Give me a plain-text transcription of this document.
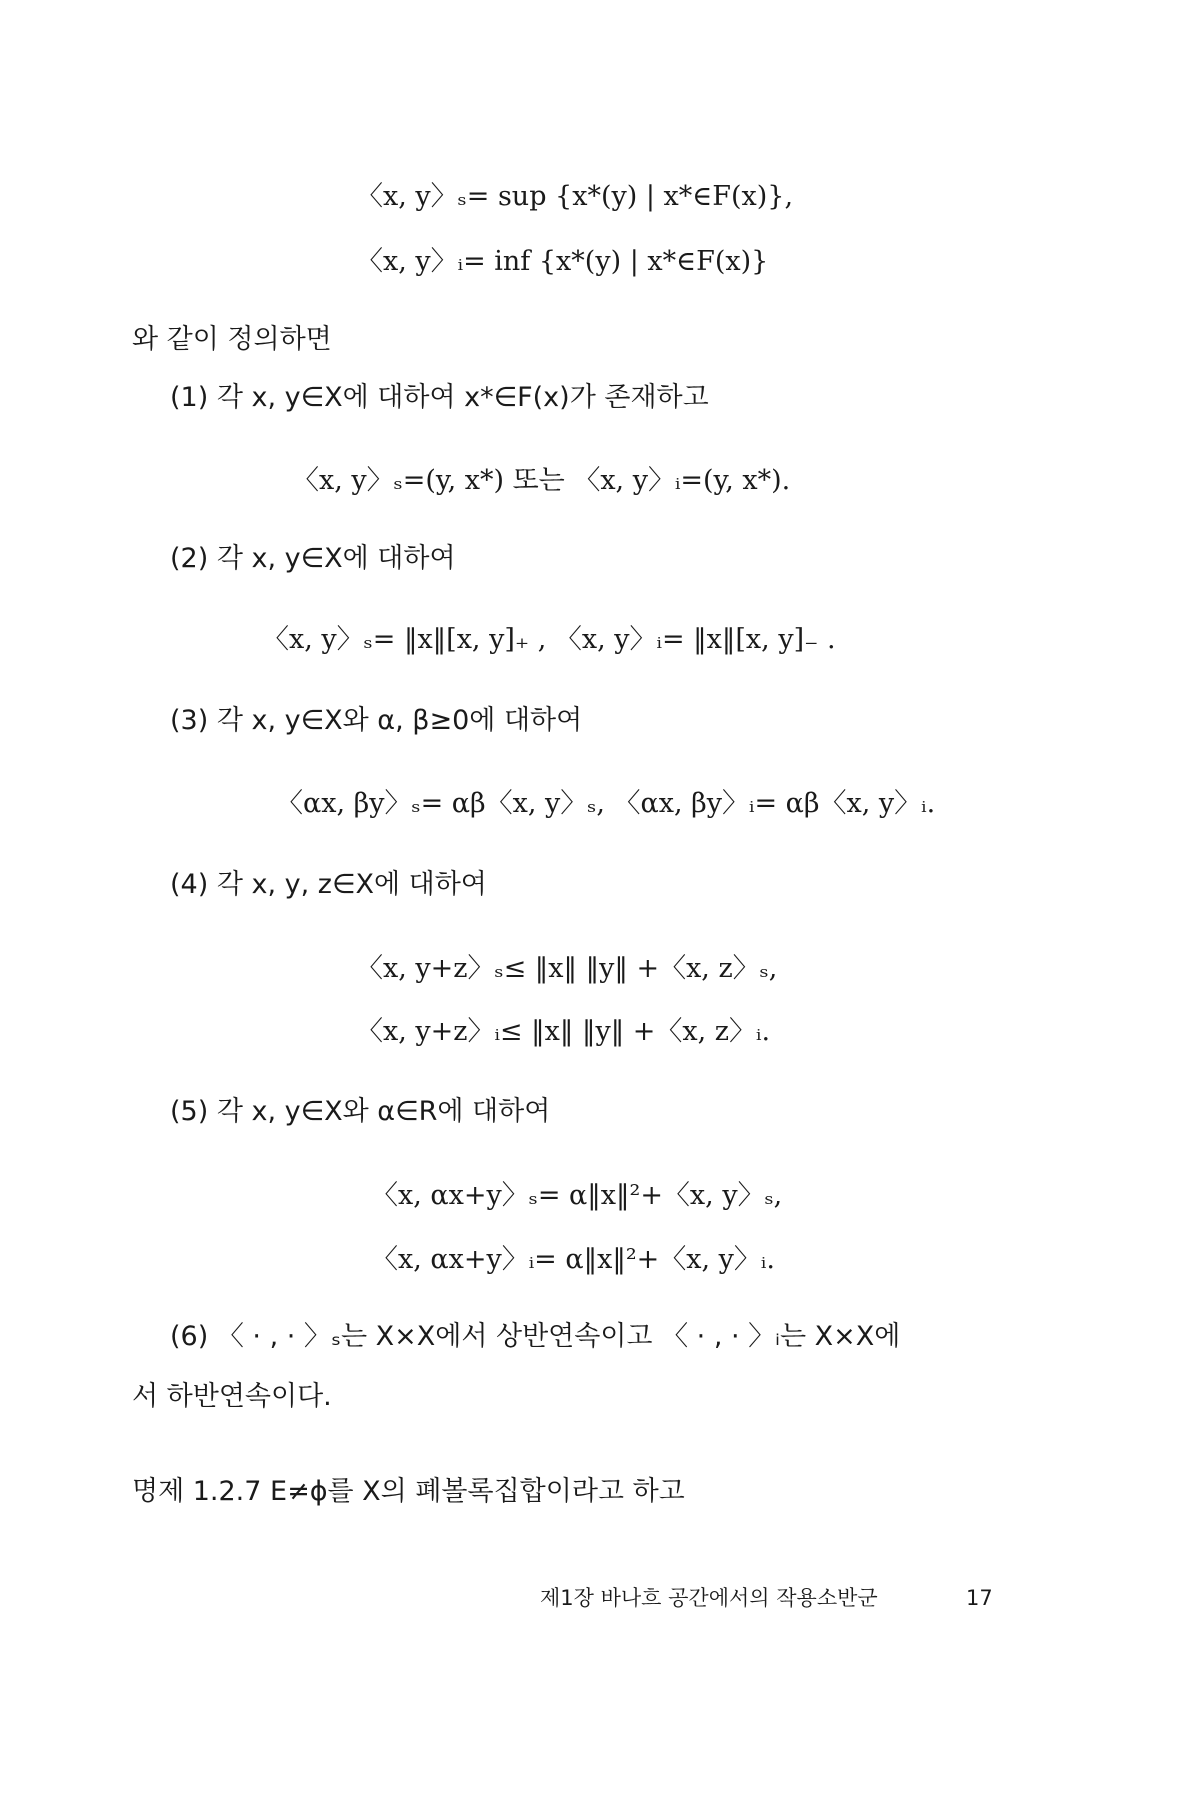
〈x, y〉ₛ= sup {x*(y) | x*∈F(x)},
〈x, y〉ᵢ= inf {x*(y) | x*∈F(x)}
와 같이 정의하면
(1) 각 x, y∈X에 대하여 x*∈F(x)가 존재하고
〈x, y〉ₛ=(y, x*) 또는 〈x, y〉ᵢ=(y, x*).
(2) 각 x, y∈X에 대하여
〈x, y〉ₛ= ‖x‖[x, y]₊ , 〈x, y〉ᵢ= ‖x‖[x, y]₋ .
(3) 각 x, y∈X와 α, β≥0에 대하여
〈αx, βy〉ₛ= αβ〈x, y〉ₛ, 〈αx, βy〉ᵢ= αβ〈x, y〉ᵢ.
(4) 각 x, y, z∈X에 대하여
〈x, y+z〉ₛ≤ ‖x‖ ‖y‖ +〈x, z〉ₛ,
〈x, y+z〉ᵢ≤ ‖x‖ ‖y‖ +〈x, z〉ᵢ.
(5) 각 x, y∈X와 α∈R에 대하여
〈x, αx+y〉ₛ= α‖x‖²+〈x, y〉ₛ,
〈x, αx+y〉ᵢ= α‖x‖²+〈x, y〉ᵢ.
(6) 〈 · , · 〉ₛ는 X×X에서 상반연속이고 〈 · , · 〉ᵢ는 X×X에
서 하반연속이다.
명제 1.2.7 E≠ϕ를 X의 폐볼록집합이라고 하고
제1장 바나흐 공간에서의 작용소반군	17
